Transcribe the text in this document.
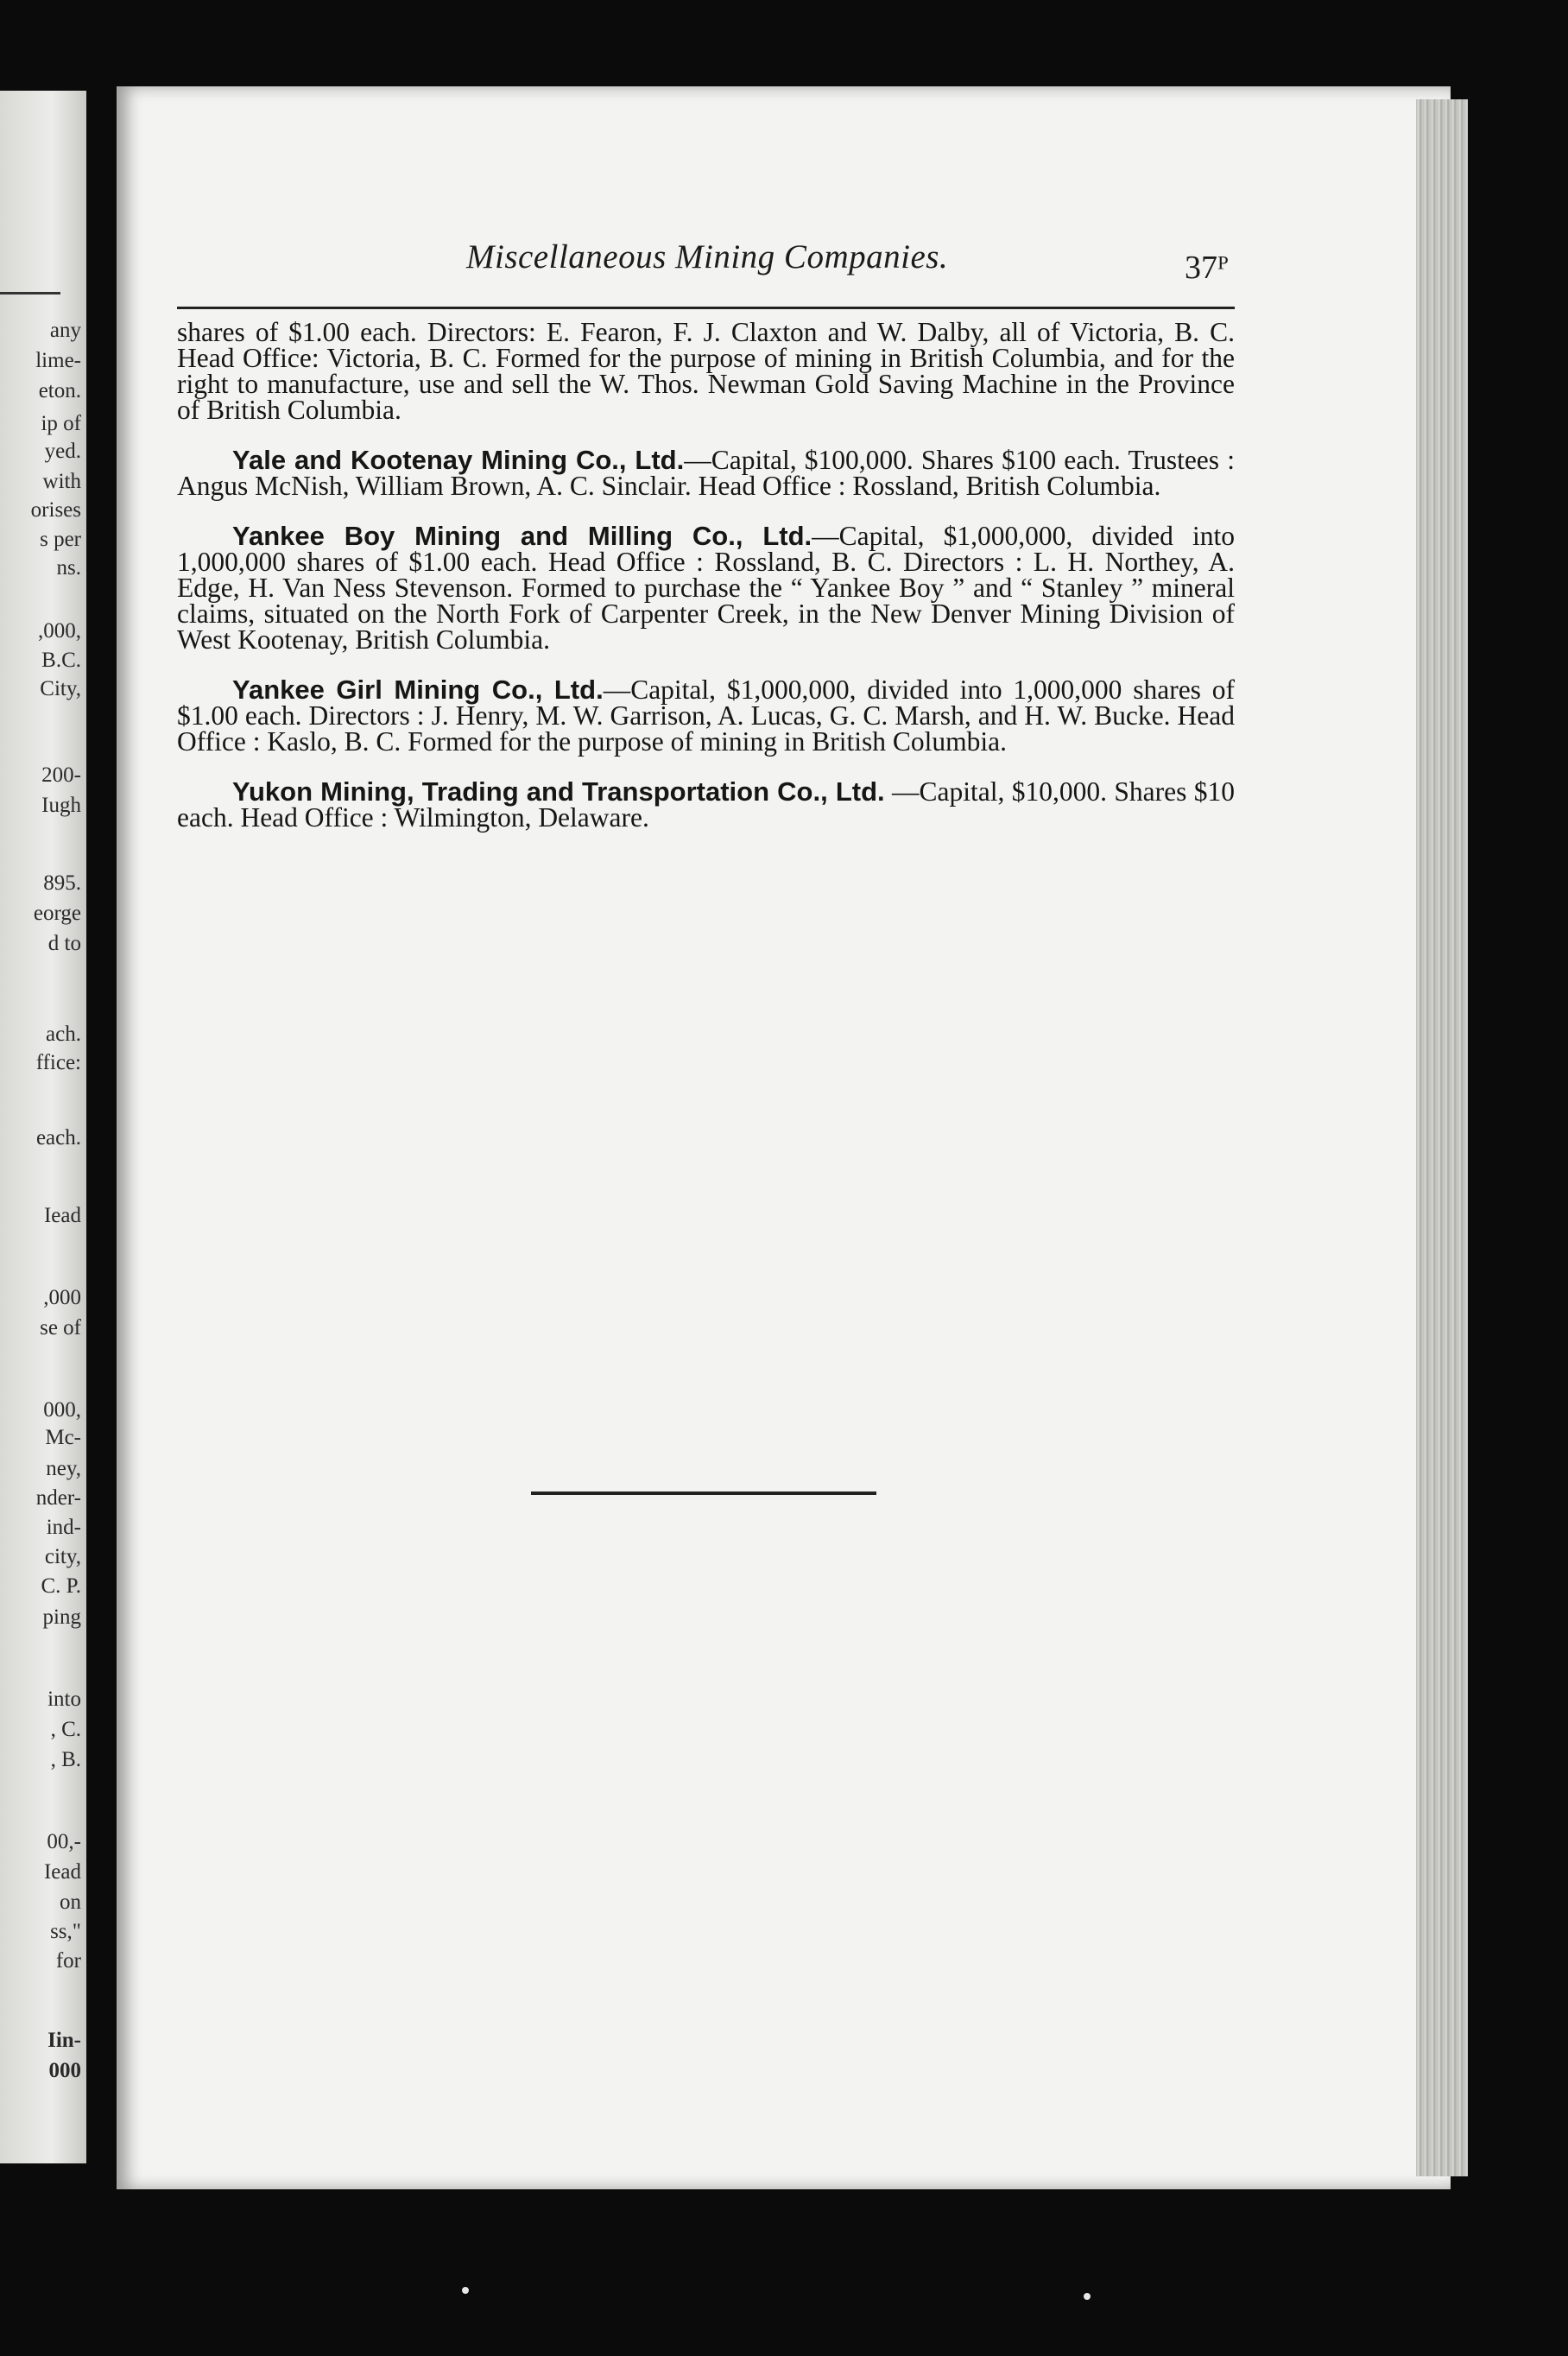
any
lime-
eton.
ip of
yed.
with
orises
s per
ns.
,000,
B.C.
City,
200-
Iugh
895.
eorge
d to
ach.
ffice:
each.
Iead
,000
se of
000,
Mc-
ney,
nder-
ind-
city,
C. P.
ping
into
, C.
, B.
00,-
Iead
on
ss,"
for
Iin-
000
Miscellaneous Mining Companies.	37ᴾ

shares of $1.00 each. Directors: E. Fearon, F. J. Claxton and W. Dalby, all of Victoria, B. C. Head Office: Victoria, B. C. Formed for the purpose of mining in British Columbia, and for the right to manufacture, use and sell the W. Thos. Newman Gold Saving Machine in the Province of British Columbia.

Yale and Kootenay Mining Co., Ltd.—Capital, $100,000. Shares $100 each. Trustees : Angus McNish, William Brown, A. C. Sinclair. Head Office : Rossland, British Columbia.

Yankee Boy Mining and Milling Co., Ltd.—Capital, $1,000,000, divided into 1,000,000 shares of $1.00 each. Head Office : Rossland, B. C. Directors : L. H. Northey, A. Edge, H. Van Ness Stevenson. Formed to purchase the “ Yankee Boy ” and “ Stanley ” mineral claims, situated on the North Fork of Carpenter Creek, in the New Denver Mining Division of West Kootenay, British Columbia.

Yankee Girl Mining Co., Ltd.—Capital, $1,000,000, divided into 1,000,000 shares of $1.00 each. Directors : J. Henry, M. W. Garrison, A. Lucas, G. C. Marsh, and H. W. Bucke. Head Office : Kaslo, B. C. Formed for the purpose of mining in British Columbia.

Yukon Mining, Trading and Transportation Co., Ltd. —Capital, $10,000. Shares $10 each. Head Office : Wilmington, Delaware.
